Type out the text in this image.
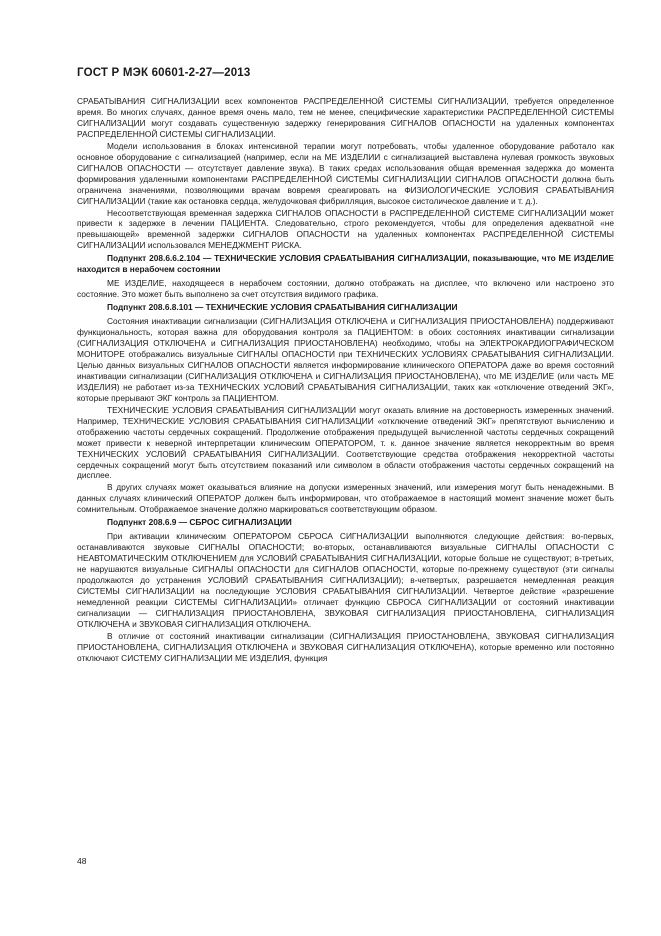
ГОСТ Р МЭК 60601-2-27—2013

СРАБАТЫВАНИЯ СИГНАЛИЗАЦИИ всех компонентов РАСПРЕДЕЛЕННОЙ СИСТЕМЫ СИГНАЛИЗАЦИИ, требуется определенное время. Во многих случаях, данное время очень мало, тем не менее, специфические характеристики РАСПРЕДЕЛЕННОЙ СИСТЕМЫ СИГНАЛИЗАЦИИ могут создавать существенную задержку генерирования СИГНАЛОВ ОПАСНОСТИ на удаленных компонентах РАСПРЕДЕЛЕННОЙ СИСТЕМЫ СИГНАЛИЗАЦИИ.

Модели использования в блоках интенсивной терапии могут потребовать, чтобы удаленное оборудование работало как основное оборудование с сигнализацией (например, если на МЕ ИЗДЕЛИИ с сигнализацией выставлена нулевая громкость звуковых СИГНАЛОВ ОПАСНОСТИ — отсутствует давление звука). В таких средах использования общая временная задержка до момента формирования удаленными компонентами РАСПРЕДЕЛЕННОЙ СИСТЕМЫ СИГНАЛИЗАЦИИ СИГНАЛОВ ОПАСНОСТИ должна быть ограничена значениями, позволяющими врачам вовремя среагировать на ФИЗИОЛОГИЧЕСКИЕ УСЛОВИЯ СРАБАТЫВАНИЯ СИГНАЛИЗАЦИИ (такие как остановка сердца, желудочковая фибрилляция, высокое систолическое давление и т. д.).

Несоответствующая временная задержка СИГНАЛОВ ОПАСНОСТИ в РАСПРЕДЕЛЕННОЙ СИСТЕМЕ СИГНАЛИЗАЦИИ может привести к задержке в лечении ПАЦИЕНТА. Следовательно, строго рекомендуется, чтобы для определения адекватной «не превышающей» временной задержки СИГНАЛОВ ОПАСНОСТИ на удаленных компонентах РАСПРЕДЕЛЕННОЙ СИСТЕМЫ СИГНАЛИЗАЦИИ использовался МЕНЕДЖМЕНТ РИСКА.

Подпункт 208.6.6.2.104 — ТЕХНИЧЕСКИЕ УСЛОВИЯ СРАБАТЫВАНИЯ СИГНАЛИЗАЦИИ, показывающие, что МЕ ИЗДЕЛИЕ находится в нерабочем состоянии

МЕ ИЗДЕЛИЕ, находящееся в нерабочем состоянии, должно отображать на дисплее, что включено или настроено это состояние. Это может быть выполнено за счет отсутствия видимого графика.

Подпункт 208.6.8.101 — ТЕХНИЧЕСКИЕ УСЛОВИЯ СРАБАТЫВАНИЯ СИГНАЛИЗАЦИИ

Состояния инактивации сигнализации (СИГНАЛИЗАЦИЯ ОТКЛЮЧЕНА и СИГНАЛИЗАЦИЯ ПРИОСТАНОВЛЕНА) поддерживают функциональность, которая важна для оборудования контроля за ПАЦИЕНТОМ: в обоих состояниях инактивации сигнализации (СИГНАЛИЗАЦИЯ ОТКЛЮЧЕНА и СИГНАЛИЗАЦИЯ ПРИОСТАНОВЛЕНА) необходимо, чтобы на ЭЛЕКТРОКАРДИОГРАФИЧЕСКОМ МОНИТОРЕ отображались визуальные СИГНАЛЫ ОПАСНОСТИ при ТЕХНИЧЕСКИХ УСЛОВИЯХ СРАБАТЫВАНИЯ СИГНАЛИЗАЦИИ. Целью данных визуальных СИГНАЛОВ ОПАСНОСТИ является информирование клинического ОПЕРАТОРА даже во время состояний инактивации сигнализации (СИГНАЛИЗАЦИЯ ОТКЛЮЧЕНА и СИГНАЛИЗАЦИЯ ПРИОСТАНОВЛЕНА), что МЕ ИЗДЕЛИЕ (или часть МЕ ИЗДЕЛИЯ) не работает из-за ТЕХНИЧЕСКИХ УСЛОВИЙ СРАБАТЫВАНИЯ СИГНАЛИЗАЦИИ, таких как «отключение отведений ЭКГ», которые прерывают ЭКГ контроль за ПАЦИЕНТОМ.

ТЕХНИЧЕСКИЕ УСЛОВИЯ СРАБАТЫВАНИЯ СИГНАЛИЗАЦИИ могут оказать влияние на достоверность измеренных значений. Например, ТЕХНИЧЕСКИЕ УСЛОВИЯ СРАБАТЫВАНИЯ СИГНАЛИЗАЦИИ «отключение отведений ЭКГ» препятствуют вычислению и отображению частоты сердечных сокращений. Продолжение отображения предыдущей вычисленной частоты сердечных сокращений может привести к неверной интерпретации клиническим ОПЕРАТОРОМ, т. к. данное значение является некорректным во время ТЕХНИЧЕСКИХ УСЛОВИЙ СРАБАТЫВАНИЯ СИГНАЛИЗАЦИИ. Соответствующие средства отображения некорректной частоты сердечных сокращений могут быть отсутствием показаний или символом в области отображения частоты сердечных сокращений на дисплее.

В других случаях может оказываться влияние на допуски измеренных значений, или измерения могут быть ненадежными. В данных случаях клинический ОПЕРАТОР должен быть информирован, что отображаемое в настоящий момент значение может быть сомнительным. Отображаемое значение должно маркироваться соответствующим образом.

Подпункт 208.6.9 — СБРОС СИГНАЛИЗАЦИИ

При активации клиническим ОПЕРАТОРОМ СБРОСА СИГНАЛИЗАЦИИ выполняются следующие действия: во-первых, останавливаются звуковые СИГНАЛЫ ОПАСНОСТИ; во-вторых, останавливаются визуальные СИГНАЛЫ ОПАСНОСТИ С НЕАВТОМАТИЧЕСКИМ ОТКЛЮЧЕНИЕМ для УСЛОВИЙ СРАБАТЫВАНИЯ СИГНАЛИЗАЦИИ, которые больше не существуют; в-третьих, не нарушаются визуальные СИГНАЛЫ ОПАСНОСТИ для СИГНАЛОВ ОПАСНОСТИ, которые по-прежнему существуют (эти сигналы продолжаются до устранения УСЛОВИЙ СРАБАТЫВАНИЯ СИГНАЛИЗАЦИИ); в-четвертых, разрешается немедленная реакция СИСТЕМЫ СИГНАЛИЗАЦИИ на последующие УСЛОВИЯ СРАБАТЫВАНИЯ СИГНАЛИЗАЦИИ. Четвертое действие «разрешение немедленной реакции СИСТЕМЫ СИГНАЛИЗАЦИИ» отличает функцию СБРОСА СИГНАЛИЗАЦИИ от состояний инактивации сигнализации — СИГНАЛИЗАЦИЯ ПРИОСТАНОВЛЕНА, ЗВУКОВАЯ СИГНАЛИЗАЦИЯ ПРИОСТАНОВЛЕНА, СИГНАЛИЗАЦИЯ ОТКЛЮЧЕНА и ЗВУКОВАЯ СИГНАЛИЗАЦИЯ ОТКЛЮЧЕНА.

В отличие от состояний инактивации сигнализации (СИГНАЛИЗАЦИЯ ПРИОСТАНОВЛЕНА, ЗВУКОВАЯ СИГНАЛИЗАЦИЯ ПРИОСТАНОВЛЕНА, СИГНАЛИЗАЦИЯ ОТКЛЮЧЕНА и ЗВУКОВАЯ СИГНАЛИЗАЦИЯ ОТКЛЮЧЕНА), которые временно или постоянно отключают СИСТЕМУ СИГНАЛИЗАЦИИ МЕ ИЗДЕЛИЯ, функция

48
